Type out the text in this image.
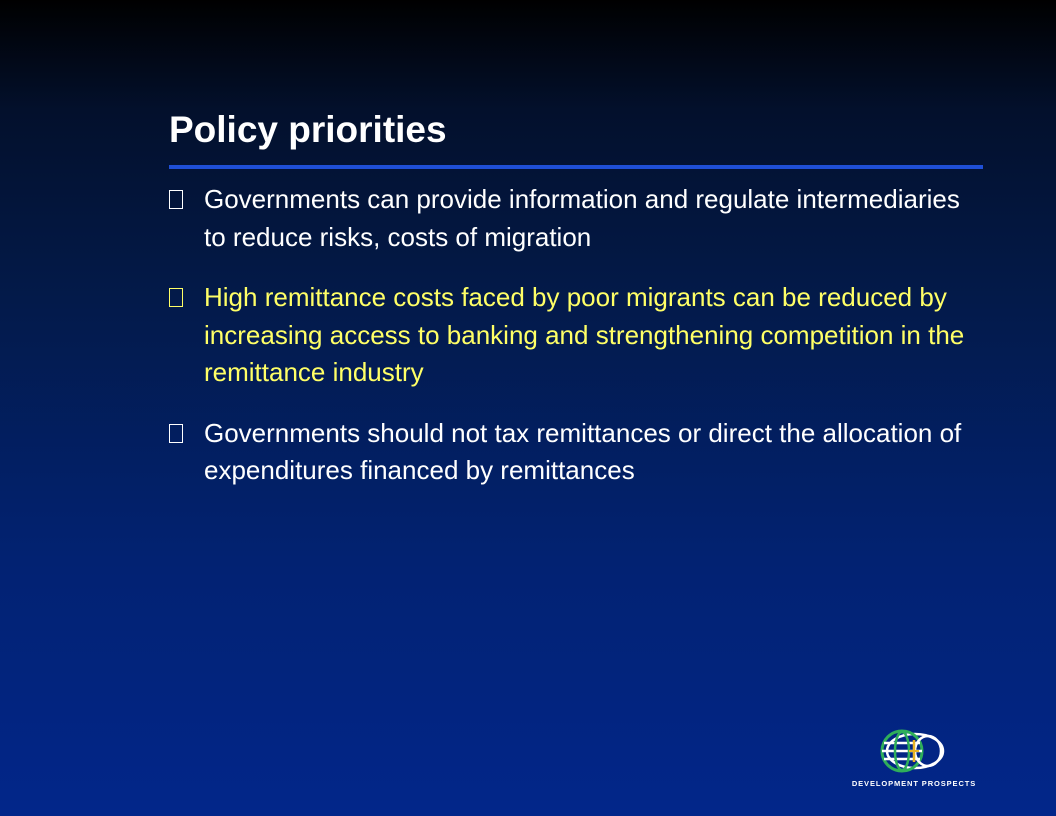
Policy priorities
Governments can provide information and regulate intermediaries to reduce risks, costs of migration
High remittance costs faced by poor migrants can be reduced by increasing access to banking and strengthening competition in the remittance industry
Governments should not tax remittances or direct the allocation of expenditures financed by remittances
DEVELOPMENT PROSPECTS
